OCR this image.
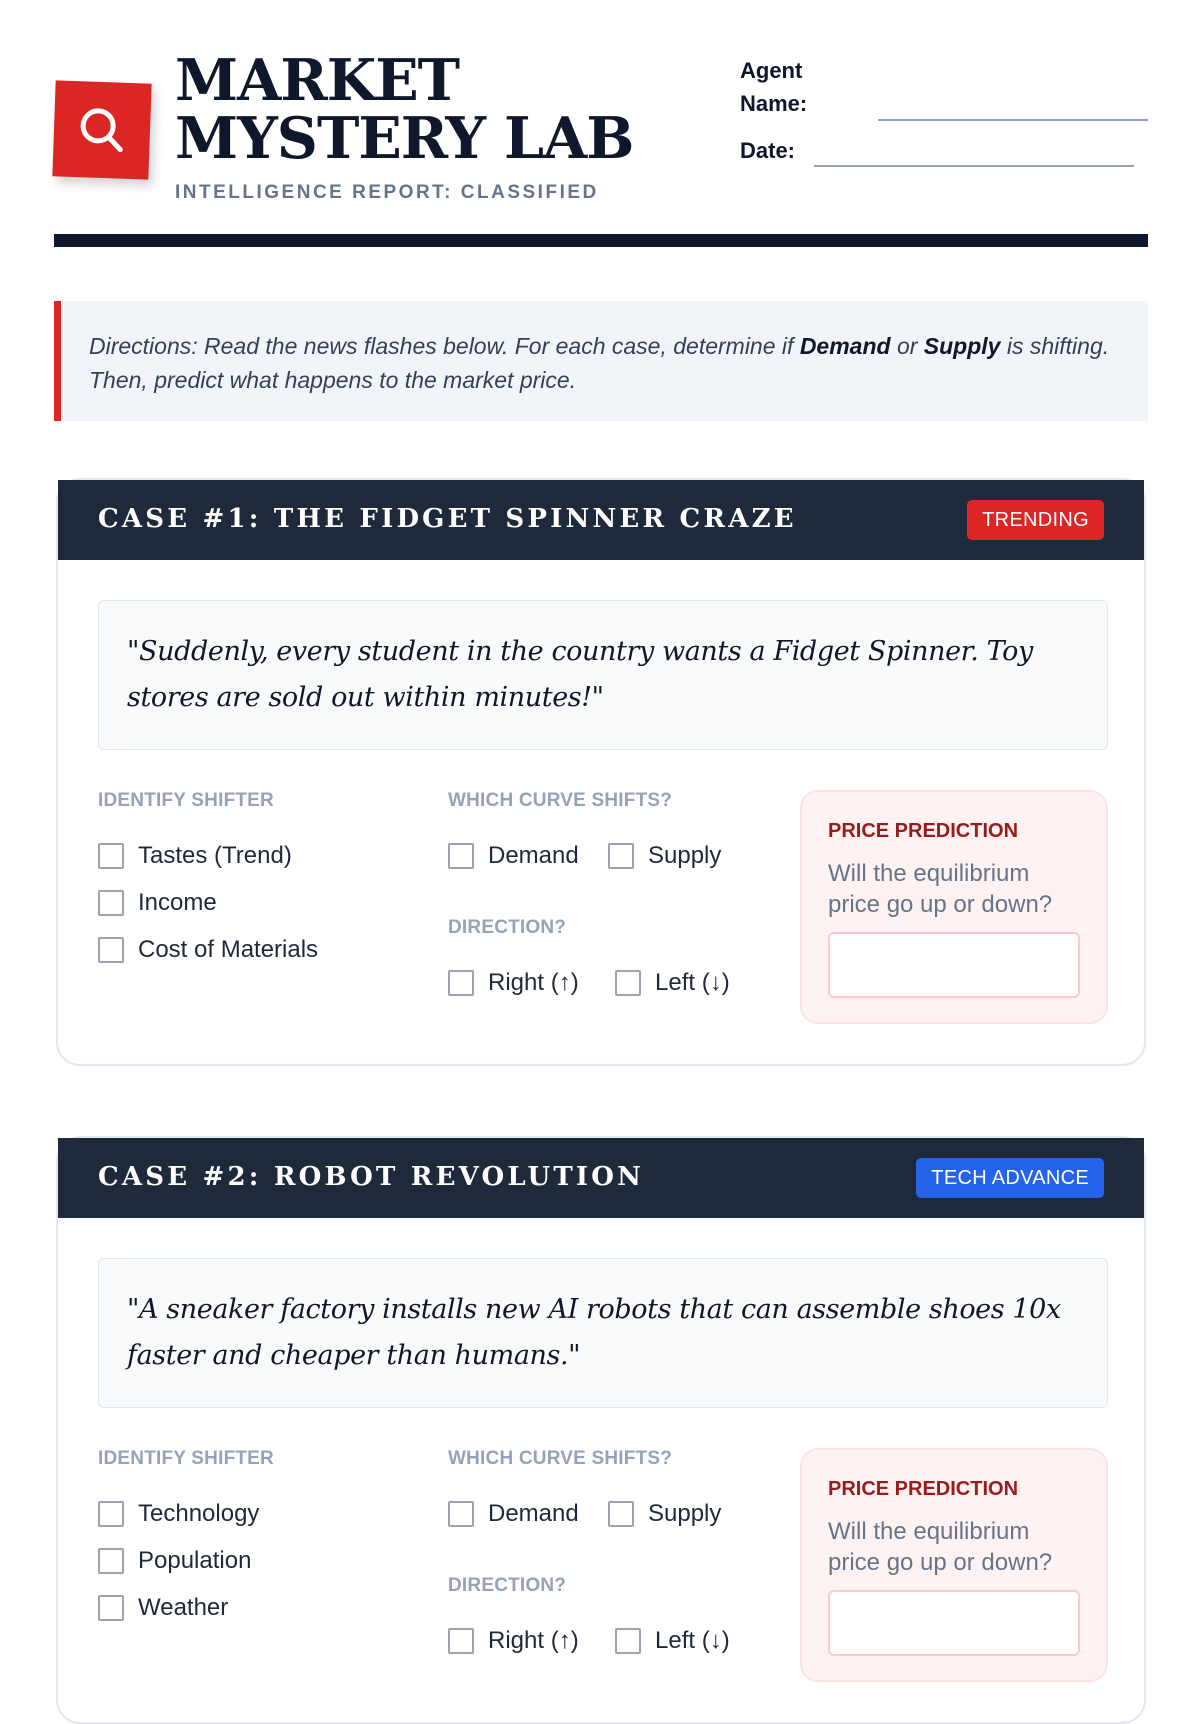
MARKET MYSTERY LAB
INTELLIGENCE REPORT: CLASSIFIED
Agent Name:
Date:
Directions: Read the news flashes below. For each case, determine if Demand or Supply is shifting. Then, predict what happens to the market price.
CASE #1: THE FIDGET SPINNER CRAZE	TRENDING
"Suddenly, every student in the country wants a Fidget Spinner. Toy stores are sold out within minutes!"
IDENTIFY SHIFTER
Tastes (Trend)
Income
Cost of Materials
WHICH CURVE SHIFTS?
Demand	Supply
DIRECTION?
Right (↑)	Left (↓)
PRICE PREDICTION
Will the equilibrium price go up or down?
CASE #2: ROBOT REVOLUTION	TECH ADVANCE
"A sneaker factory installs new AI robots that can assemble shoes 10x faster and cheaper than humans."
IDENTIFY SHIFTER
Technology
Population
Weather
WHICH CURVE SHIFTS?
Demand	Supply
DIRECTION?
Right (↑)	Left (↓)
PRICE PREDICTION
Will the equilibrium price go up or down?
